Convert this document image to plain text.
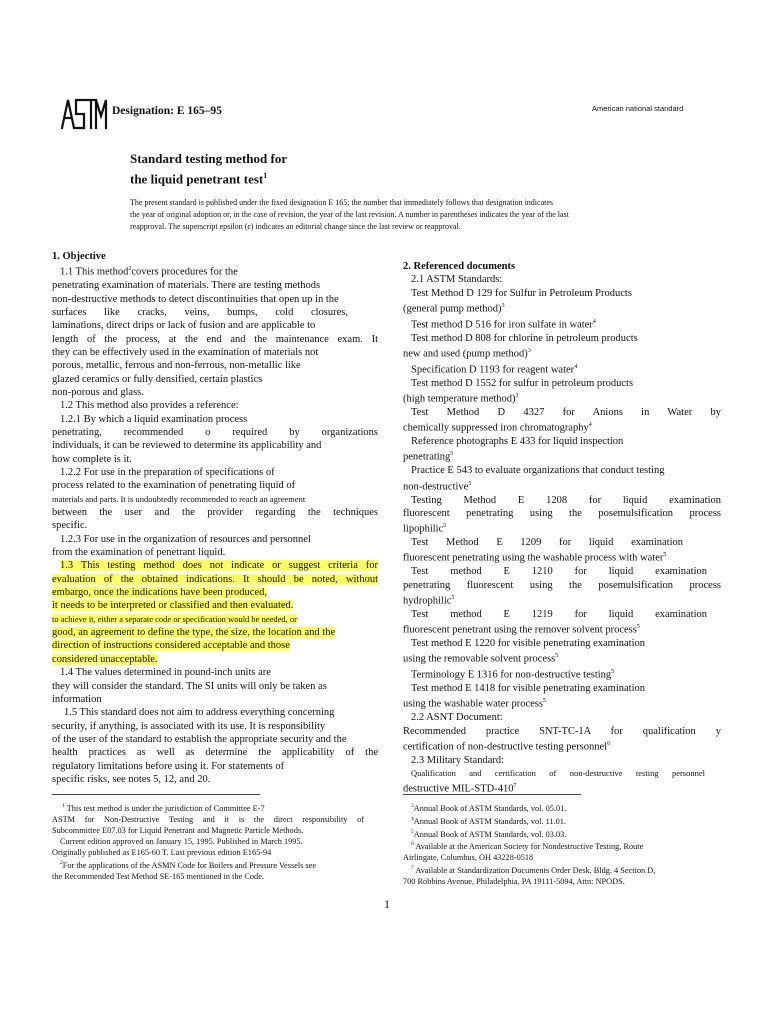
Designation: E 165–95	American national standard
Standard testing method for
the liquid penetrant test$^1$
The present standard is published under the fixed designation E 165; the number that immediately follows that designation indicates
the year of original adoption or, in the case of revision, the year of the last revision. A number in parentheses indicates the year of the last
reapproval. The superscript epsilon (є) indicates an editorial change since the last review or reapproval.
1. Objective
1.1 This method$^2$covers procedures for the
penetrating examination of materials. There are testing methods
non-destructive methods to detect discontinuities that open up in the
surfaces like cracks, veins, bumps, cold closures,
laminations, direct drips or lack of fusion and are applicable to
length of the process, at the end and the maintenance exam. It
they can be effectively used in the examination of materials not
porous, metallic, ferrous and non-ferrous, non-metallic like
glazed ceramics or fully densified, certain plastics
non-porous and glass.
1.2 This method also provides a reference:
1.2.1 By which a liquid examination process
penetrating, recommended o required by organizations
individuals, it can be reviewed to determine its applicability and
how complete is it.
1.2.2 For use in the preparation of specifications of
process related to the examination of penetrating liquid of
materials and parts. It is undoubtedly recommended to reach an agreement
between the user and the provider regarding the techniques
specific.
1.2.3 For use in the organization of resources and personnel
from the examination of penetrant liquid.
1.3 This testing method does not indicate or suggest criteria for
evaluation of the obtained indications. It should be noted, without
embargo, once the indications have been produced,
it needs to be interpreted or classified and then evaluated.
to achieve it, either a separate code or specification would be needed, or
good, an agreement to define the type, the size, the location and the
direction of instructions considered acceptable and those
considered unacceptable.
1.4 The values determined in pound-inch units are
they will consider the standard. The SI units will only be taken as
information
1.5 This standard does not aim to address everything concerning
security, if anything, is associated with its use. It is responsibility
of the user of the standard to establish the appropriate security and the
health practices as well as determine the applicability of the
regulatory limitations before using it. For statements of
specific risks, see notes 5, 12, and 20.
2. Referenced documents
2.1 ASTM Standards:
Test Method D 129 for Sulfur in Petroleum Products
(general pump method)$^3$
Test method D 516 for iron sulfate in water$^4$
Test method D 808 for chlorine in petroleum products
new and used (pump method)$^3$
Specification D 1193 for reagent water$^4$
Test method D 1552 for sulfur in petroleum products
(high temperature method)$^3$
Test Method D 4327 for Anions in Water by
chemically suppressed iron chromatography$^4$
Reference photographs E 433 for liquid inspection
penetrating$^5$
Practice E 543 to evaluate organizations that conduct testing
non-destructive$^5$
Testing Method E 1208 for liquid examination
fluorescent penetrating using the posemulsification process
lipophilic$^5$
Test Method E 1209 for liquid examination
fluorescent penetrating using the washable process with water$^5$
Test method E 1210 for liquid examination
penetrating fluorescent using the posemulsification process
hydrophilic$^5$
Test method E 1219 for liquid examination
fluorescent penetrant using the remover solvent process$^5$
Test method E 1220 for visible penetrating examination
using the removable solvent process$^5$
Terminology E 1316 for non-destructive testing$^5$
Test method E 1418 for visible penetrating examination
using the washable water process$^5$
2.2 ASNT Document:
Recommended practice SNT-TC-1A for qualification y
certification of non-destructive testing personnel$^6$
2.3 Military Standard:
Qualification and certification of non-destructive testing personnel
destructive MIL-$STD-410^7$
$^1$ This test method is under the jurisdiction of Committee E-7
ASTM for Non-Destructive Testing and it is the direct responsibility of
Subcommittee E07.03 for Liquid Penetrant and Magnetic Particle Methods.
Current edition approved on January 15, 1995. Published in March 1995.
Originally published as E165-60 T. Last previous edition E165-94
$^2$For the applications of the ASMN Code for Boilers and Pressure Vessels see
the Recommended Test Method SE-165 mentioned in the Code.
$^3$Annual Book of ASTM Standards, vol. 05.01.
$^4$Annual Book of ASTM Standards, vol. 11.01.
$^5$Annual Book of ASTM Standards, vol. 03.03.
$^6$ Available at the American Society for Nondestructive Testing, Route
Airlingate, Columbus, OH 43228-0518
$^7$ Available at Standardization Documents Order Desk, Bldg. 4 Section D,
700 Robbins Avenue, Philadelphia, PA 19111-5094, Attn: NPODS.
1
